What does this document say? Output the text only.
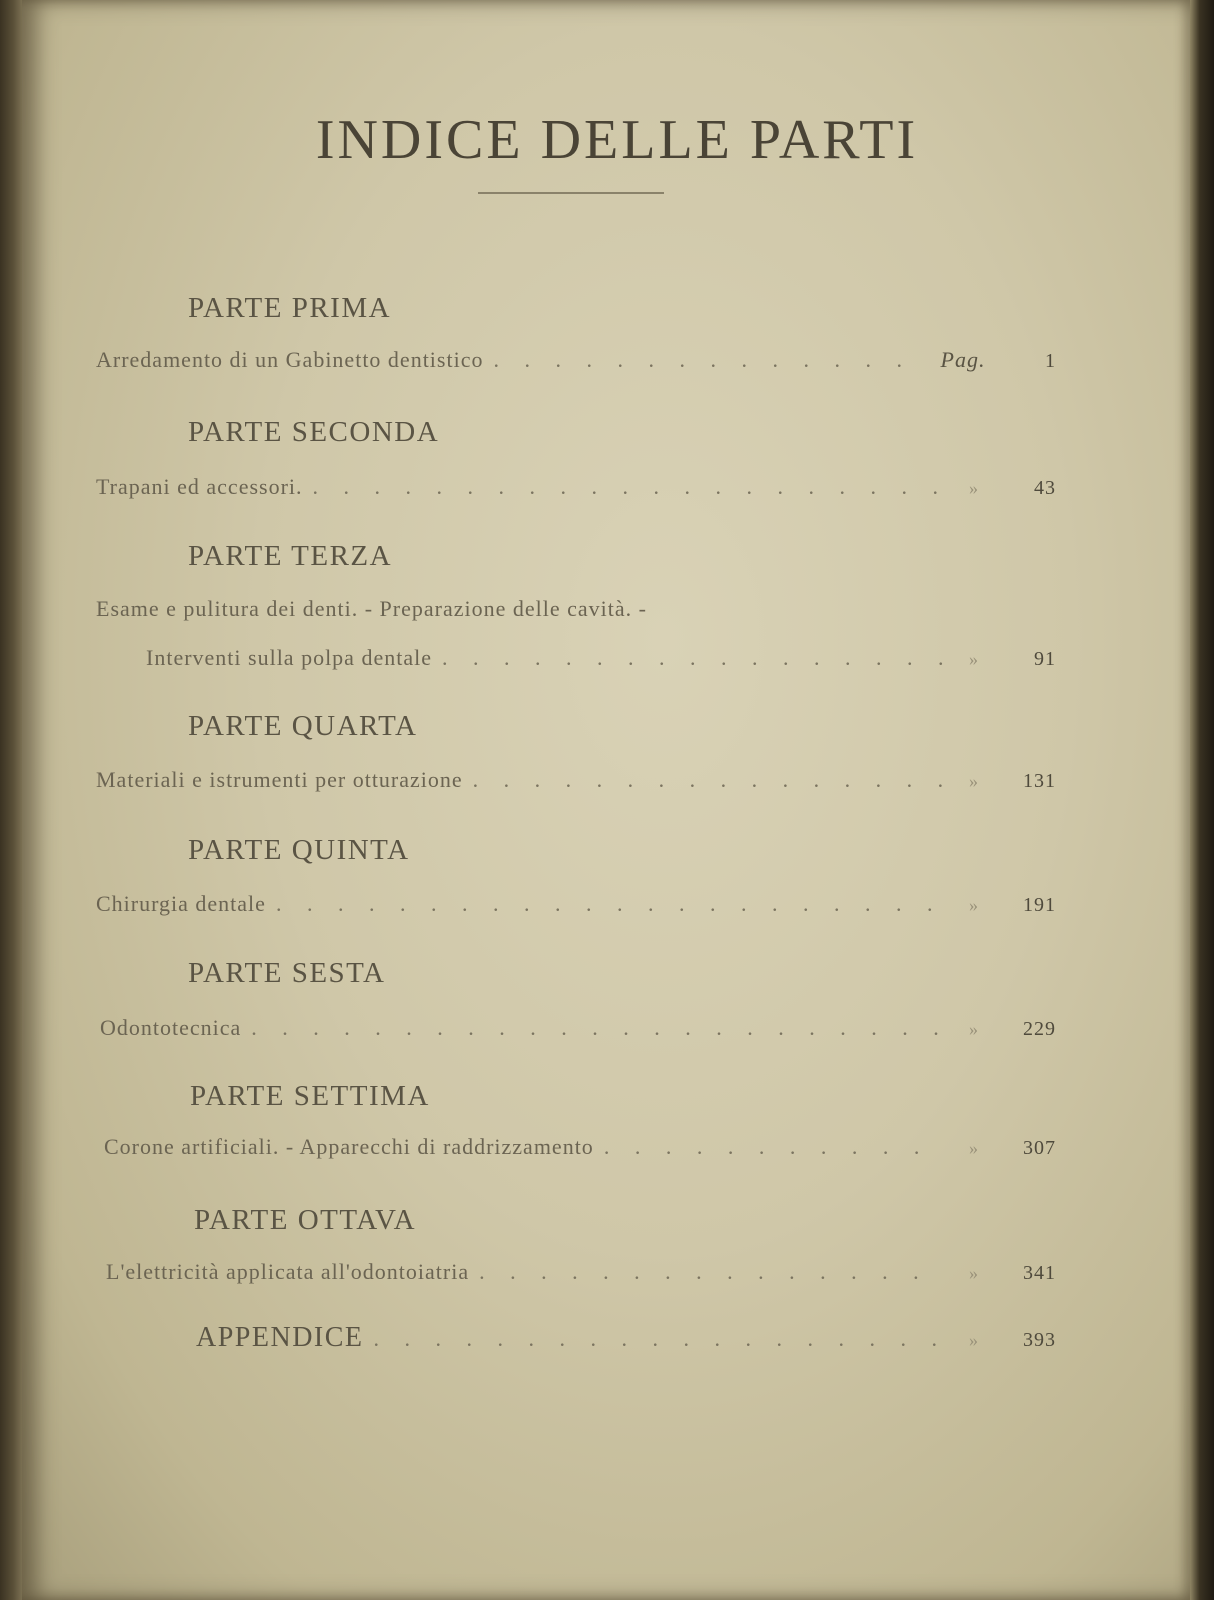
INDICE DELLE PARTI
PARTE PRIMA
Arredamento di un Gabinetto dentistico . . .	Pag.	1
PARTE SECONDA
Trapani ed accessori. . . .	»	43
PARTE TERZA
Esame e pulitura dei denti. - Preparazione delle cavità. -
Interventi sulla polpa dentale . . .	»	91
PARTE QUARTA
Materiali e istrumenti per otturazione . . .	»	131
PARTE QUINTA
Chirurgia dentale . . .	»	191
PARTE SESTA
Odontotecnica . . .	»	229
PARTE SETTIMA
Corone artificiali. - Apparecchi di raddrizzamento . . .	»	307
PARTE OTTAVA
L'elettricità applicata all'odontoiatria . . .	»	341
APPENDICE . . .	»	393
